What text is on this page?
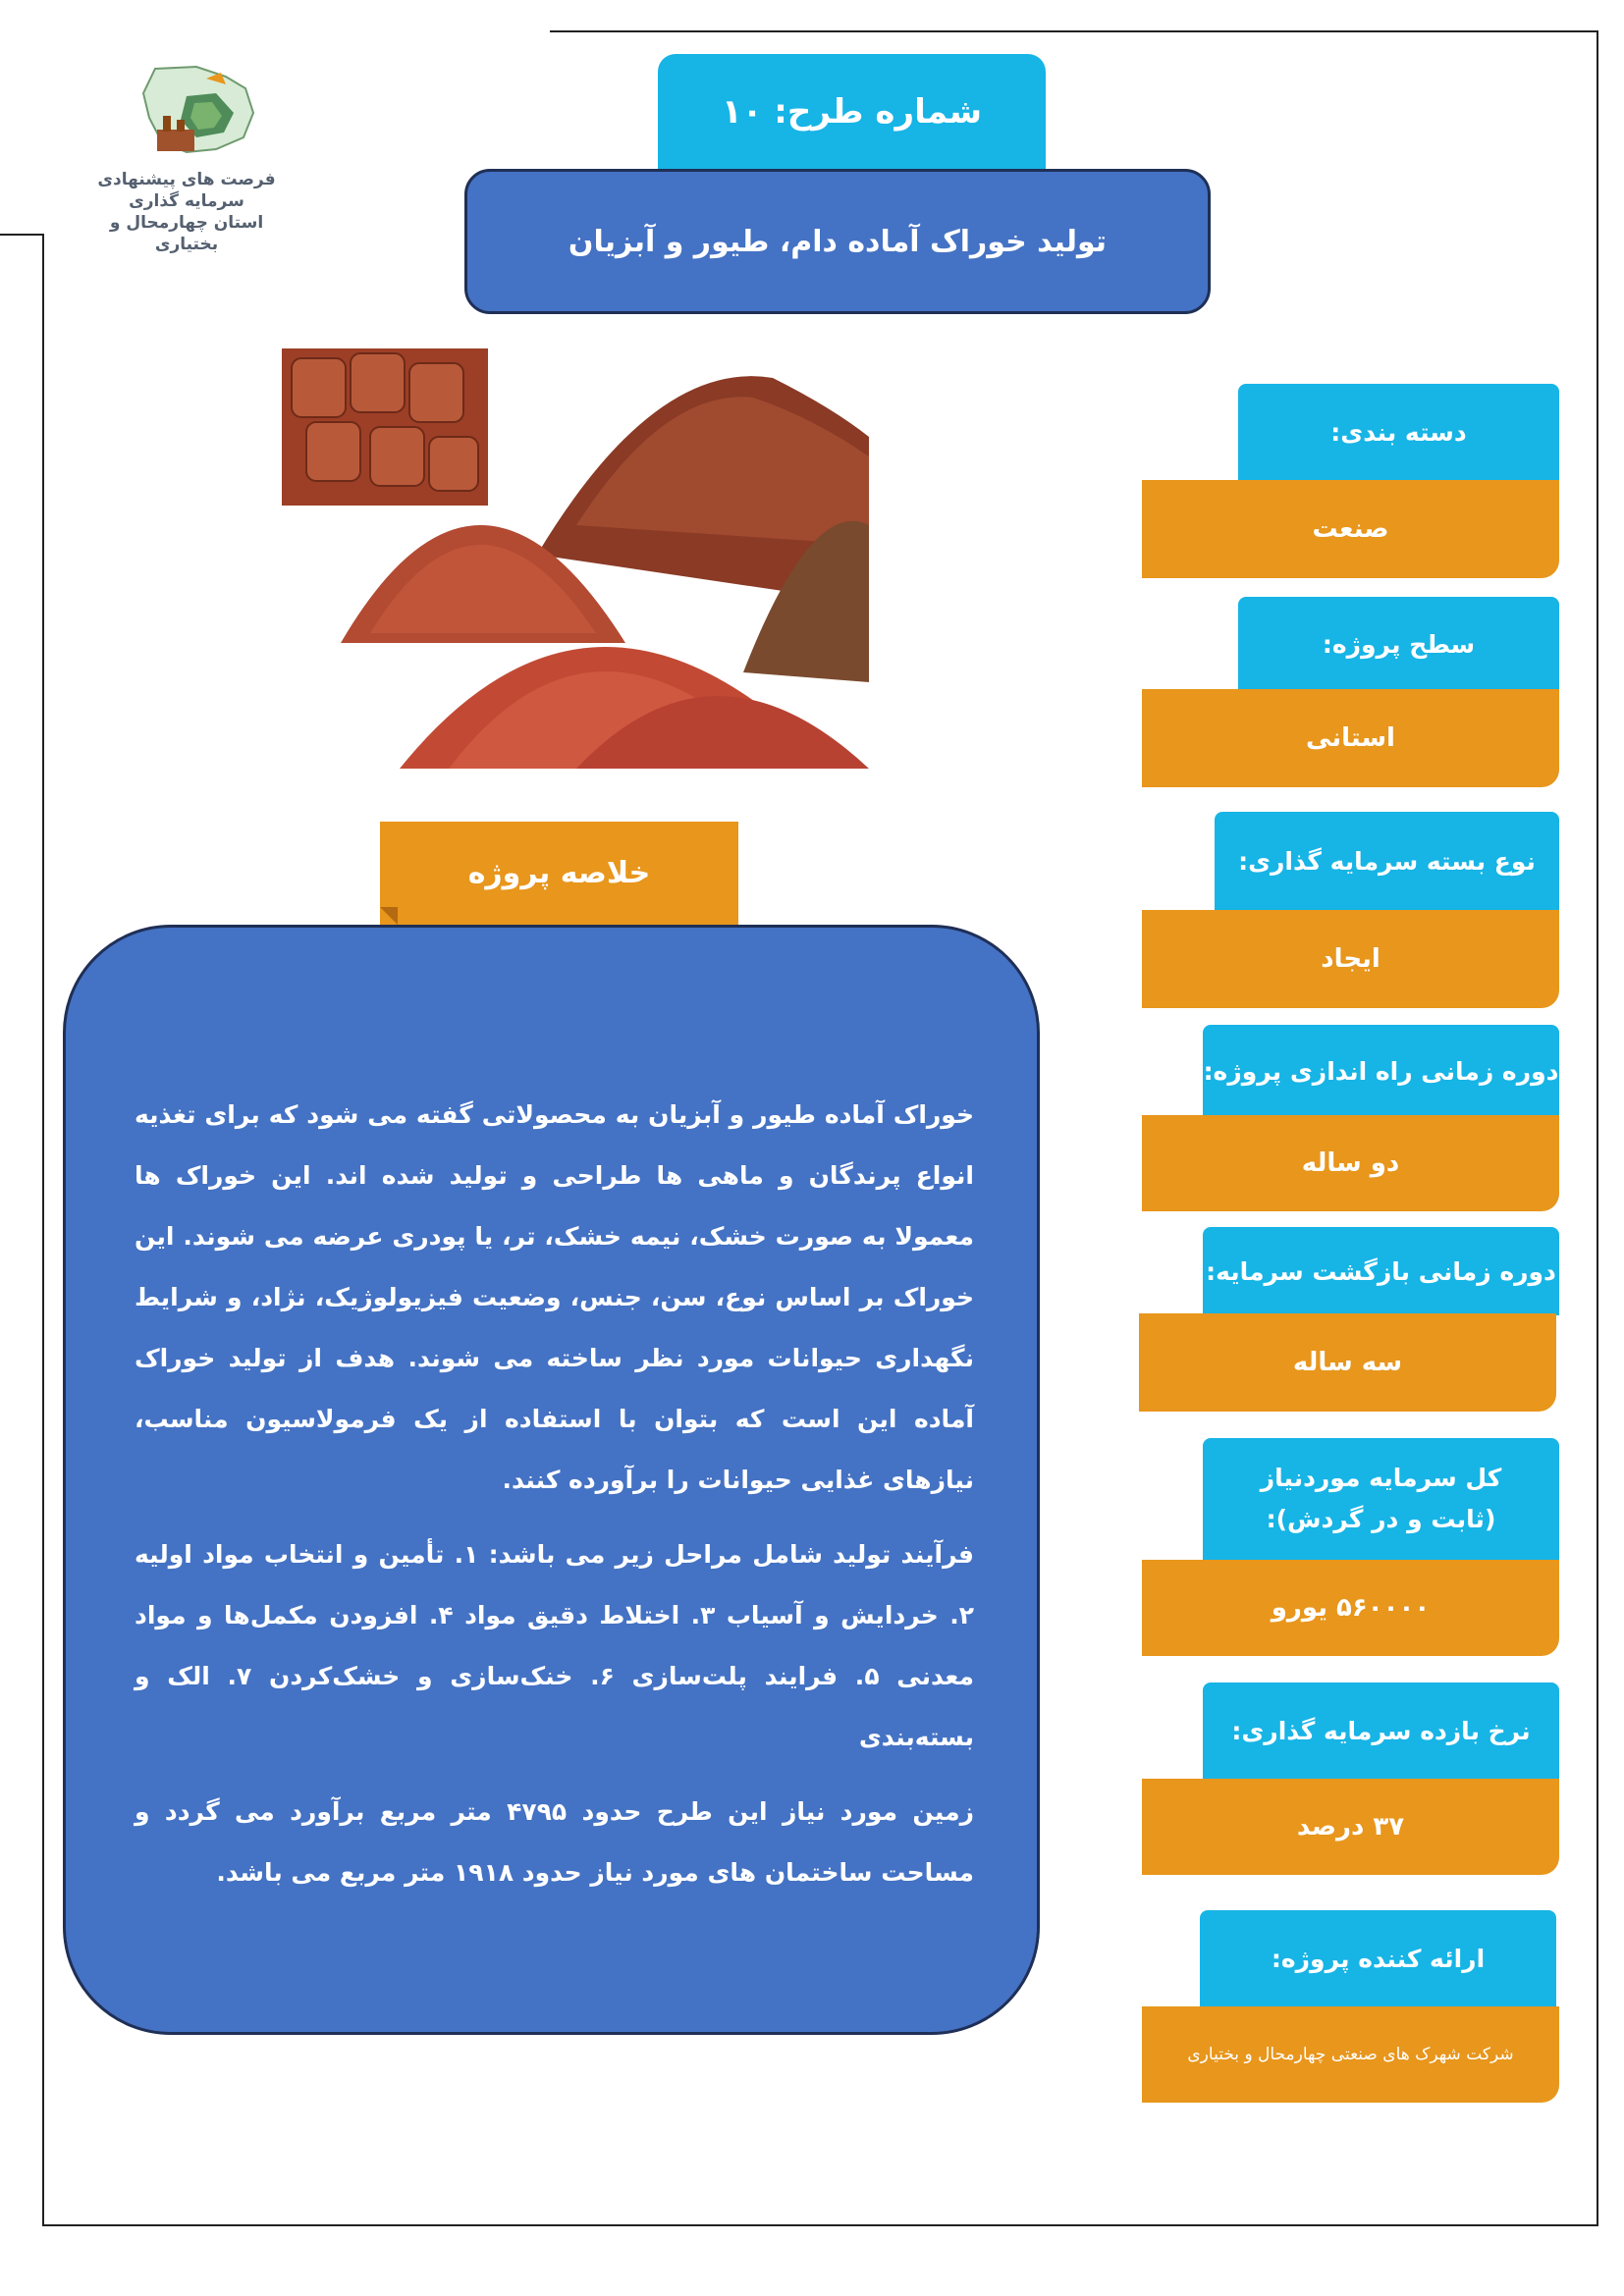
فرصت های پیشنهادی
سرمایه گذاری
استان چهارمحال و بختیاری
شماره طرح: ۱۰
تولید خوراک آماده دام، طیور و آبزیان

خوراک آماده طیور و آبزیان به محصولاتی گفته می شود که برای تغذیه انواع پرندگان و ماهی ها طراحی و تولید شده اند. این خوراک ها معمولا به صورت خشک، نیمه خشک، تر، یا پودری عرضه می شوند. این خوراک بر اساس نوع، سن، جنس، وضعیت فیزیولوژیک، نژاد، و شرایط نگهداری حیوانات مورد نظر ساخته می شوند. هدف از تولید خوراک آماده این است که بتوان با استفاده از یک فرمولاسیون مناسب، نیازهای غذایی حیوانات را برآورده کنند.

فرآیند تولید شامل مراحل زیر می باشد: ۱. تأمین و انتخاب مواد اولیه ۲. خردایش و آسیاب ۳. اختلاط دقیق مواد ۴. افزودن مکمل‌ها و مواد معدنی ۵. فرایند پلت‌سازی ۶. خنک‌سازی و خشک‌کردن ۷. الک و بسته‌بندی

زمین مورد نیاز این طرح حدود ۴۷۹۵ متر مربع برآورد می گردد و مساحت ساختمان های مورد نیاز حدود ۱۹۱۸ متر مربع می باشد.

خلاصه پروژه
دسته بندی:
صنعت
سطح پروژه:
استانی
نوع بسته سرمایه گذاری:
ایجاد
دوره زمانی راه اندازی پروژه:
دو ساله
دوره زمانی بازگشت سرمایه:
سه ساله
کل سرمایه موردنیاز (ثابت و در گردش):
۵۶۰۰۰۰ یورو
نرخ بازده سرمایه گذاری:
۳۷ درصد
ارائه کننده پروژه:
شرکت شهرک های صنعتی چهارمحال و بختیاری
